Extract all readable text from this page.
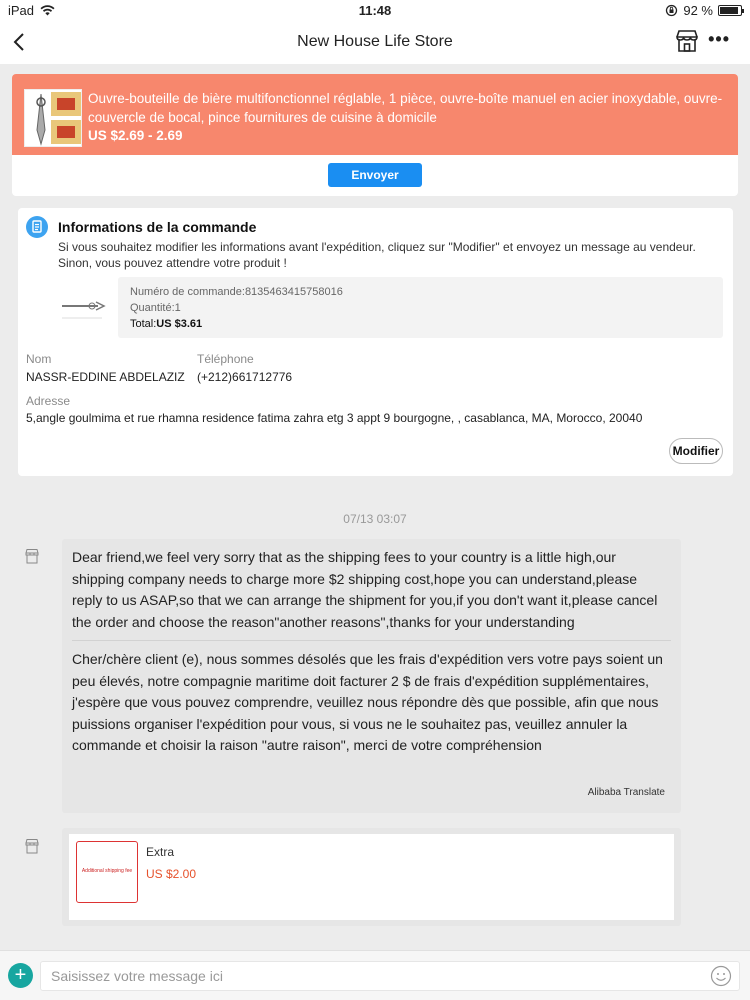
iPad	11:48	92 %
New House Life Store	•••
Ouvre-bouteille de bière multifonctionnel réglable, 1 pièce, ouvre-boîte manuel en acier inoxydable, ouvre-couvercle de bocal, pince fournitures de cuisine à domicile
US $2.69 - 2.69
Envoyer
Informations de la commande
Si vous souhaitez modifier les informations avant l'expédition, cliquez sur "Modifier" et envoyez un message au vendeur. Sinon, vous pouvez attendre votre produit !
Numéro de commande:8135463415758016
Quantité:1
Total:US $3.61
Nom
NASSR-EDDINE ABDELAZIZ
Téléphone
(+212)661712776
Adresse
5,angle goulmima et rue rhamna residence fatima zahra etg 3 appt 9 bourgogne, , casablanca, MA, Morocco, 20040
Modifier
07/13 03:07
Dear friend,we feel very sorry that as the shipping fees to your country is a little high,our shipping company needs to charge more $2 shipping cost,hope you can understand,please reply to us ASAP,so that we can arrange the shipment for you,if you don't want it,please cancel the order and choose the reason"another reasons",thanks for your understanding
Cher/chère client (e), nous sommes désolés que les frais d'expédition vers votre pays soient un peu élevés, notre compagnie maritime doit facturer 2 $ de frais d'expédition supplémentaires, j'espère que vous pouvez comprendre, veuillez nous répondre dès que possible, afin que nous puissions organiser l'expédition pour vous, si vous ne le souhaitez pas, veuillez annuler la commande et choisir la raison "autre raison", merci de votre compréhension
Alibaba Translate
Additional shipping fee
Extra
US $2.00
+
Saisissez votre message ici
